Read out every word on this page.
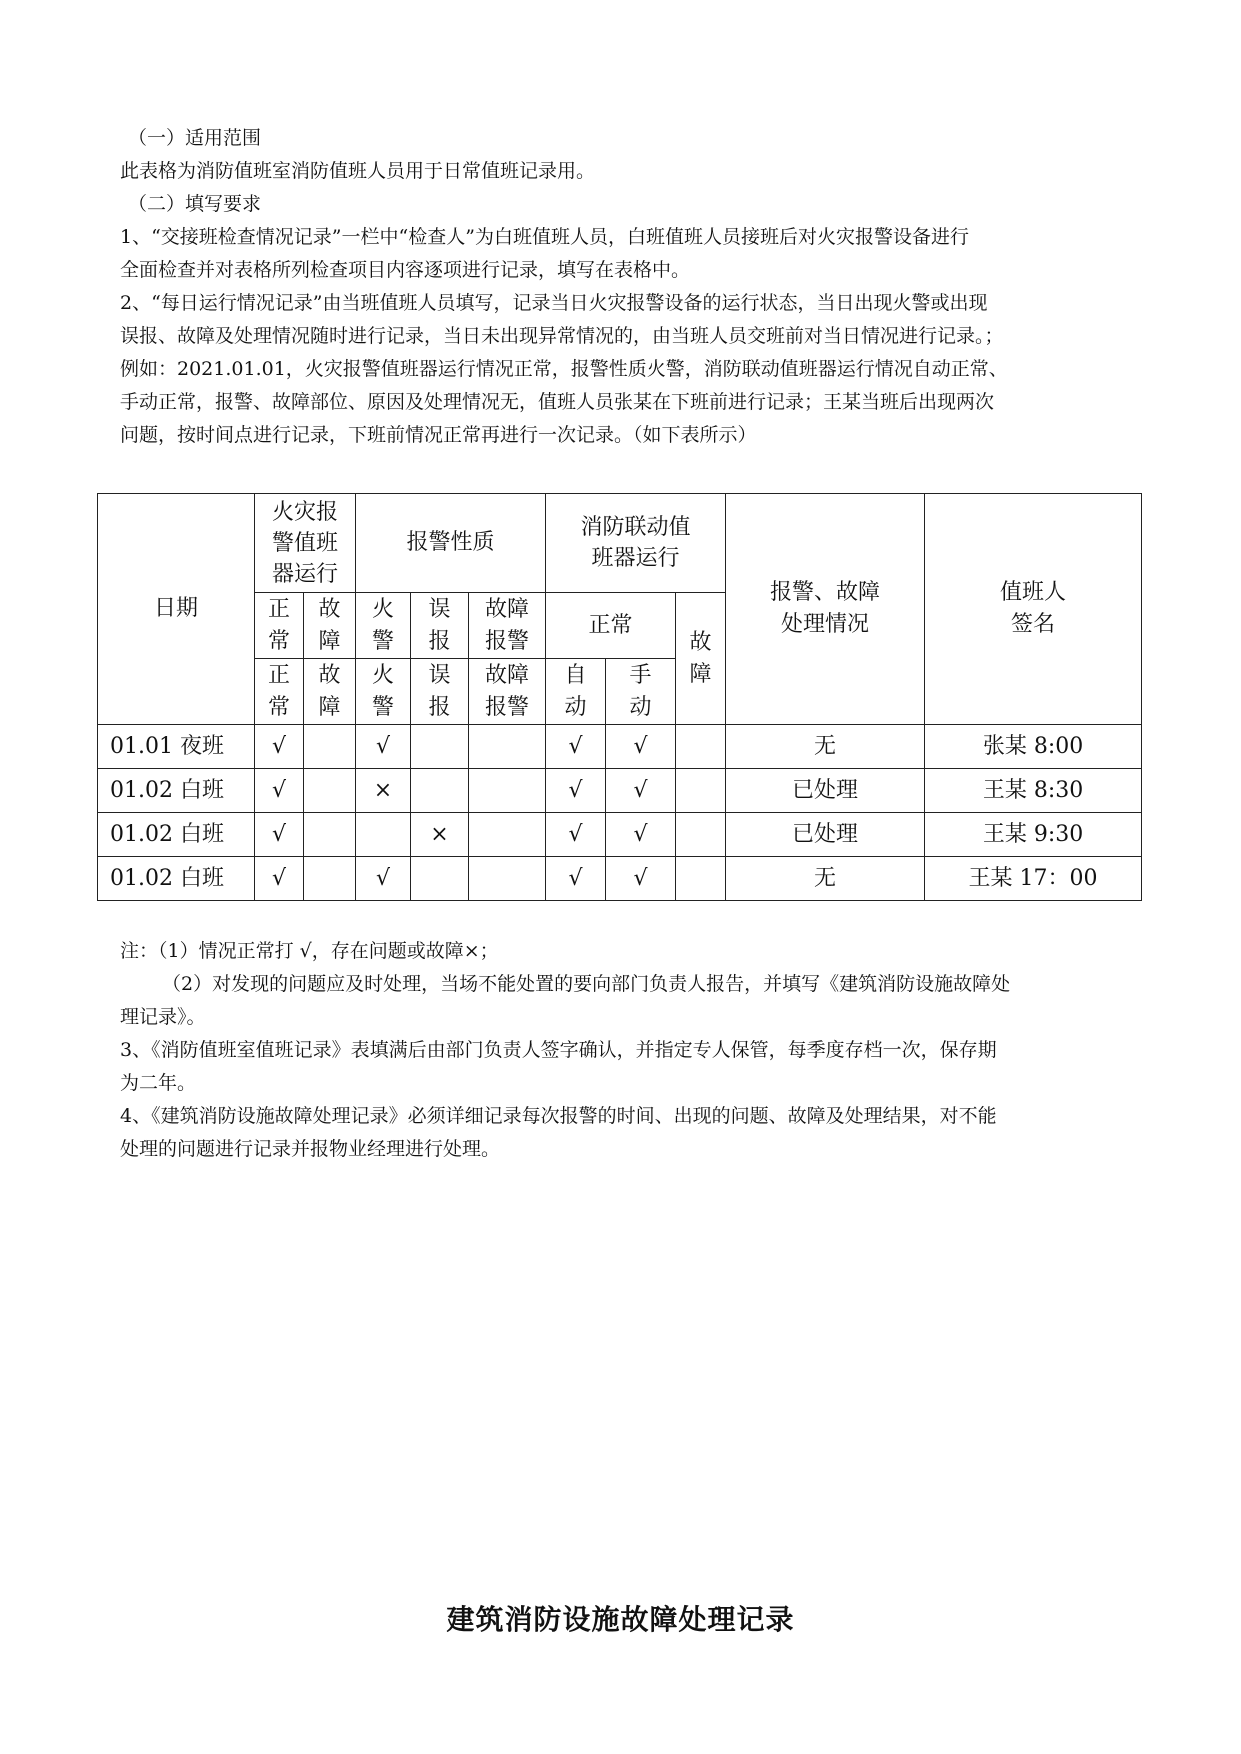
（一）适用范围

此表格为消防值班室消防值班人员用于日常值班记录用。

（二）填写要求

1、“交接班检查情况记录”一栏中“检查人”为白班值班人员，白班值班人员接班后对火灾报警设备进行

全面检查并对表格所列检查项目内容逐项进行记录，填写在表格中。

2、“每日运行情况记录”由当班值班人员填写，记录当日火灾报警设备的运行状态，当日出现火警或出现

误报、故障及处理情况随时进行记录，当日未出现异常情况的，由当班人员交班前对当日情况进行记录。；

例如：2021.01.01，火灾报警值班器运行情况正常，报警性质火警，消防联动值班器运行情况自动正常、

手动正常，报警、故障部位、原因及处理情况无，值班人员张某在下班前进行记录；王某当班后出现两次

问题，按时间点进行记录，下班前情况正常再进行一次记录。（如下表所示）

日期	火灾报警值班器运行		报警性质			消防联动值班器运行			报警、故障处理情况	值班人签名
	正常	故障	火警	误报	故障报警	正常		故障		
	正常	故障	火警	误报	故障报警	自动	手动			
01.01 夜班	√		√			√	√		无	张某 8:00
01.02 白班	√		×			√	√		已处理	王某 8:30
01.02 白班	√			×		√	√		已处理	王某 9:30
01.02 白班	√		√			√	√		无	王某 17：00

注：（1）情况正常打 √，存在问题或故障×；

（2）对发现的问题应及时处理，当场不能处置的要向部门负责人报告，并填写《建筑消防设施故障处

理记录》。

3、《消防值班室值班记录》表填满后由部门负责人签字确认，并指定专人保管，每季度存档一次，保存期

为二年。

4、《建筑消防设施故障处理记录》必须详细记录每次报警的时间、出现的问题、故障及处理结果，对不能

处理的问题进行记录并报物业经理进行处理。

建筑消防设施故障处理记录
